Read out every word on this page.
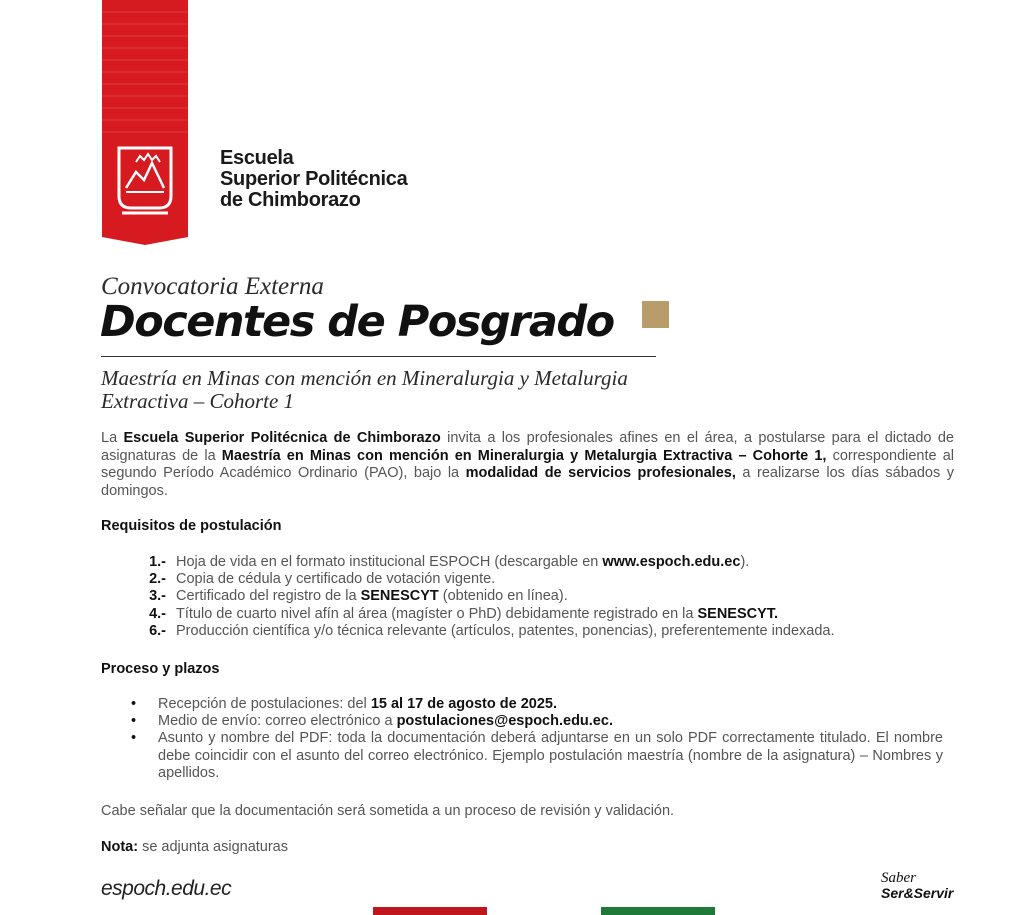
Escuela
Superior Politécnica
de Chimborazo
Convocatoria Externa
Docentes de Posgrado
Maestría en Minas con mención en Mineralurgia y Metalurgia Extractiva – Cohorte 1
La Escuela Superior Politécnica de Chimborazo invita a los profesionales afines en el área, a postularse para el dictado de asignaturas de la Maestría en Minas con mención en Mineralurgia y Metalurgia Extractiva – Cohorte 1, correspondiente al segundo Período Académico Ordinario (PAO), bajo la modalidad de servicios profesionales, a realizarse los días sábados y domingos.
Requisitos de postulación
1.- Hoja de vida en el formato institucional ESPOCH (descargable en www.espoch.edu.ec).
2.- Copia de cédula y certificado de votación vigente.
3.- Certificado del registro de la SENESCYT (obtenido en línea).
4.- Título de cuarto nivel afín al área (magíster o PhD) debidamente registrado en la SENESCYT.
6.- Producción científica y/o técnica relevante (artículos, patentes, ponencias), preferentemente indexada.
Proceso y plazos
•	Recepción de postulaciones: del 15 al 17 de agosto de 2025.
•	Medio de envío: correo electrónico a postulaciones@espoch.edu.ec.
•	Asunto y nombre del PDF: toda la documentación deberá adjuntarse en un solo PDF correctamente titulado. El nombre debe coincidir con el asunto del correo electrónico. Ejemplo postulación maestría (nombre de la asignatura) – Nombres y apellidos.
Cabe señalar que la documentación será sometida a un proceso de revisión y validación.
Nota: se adjunta asignaturas
espoch.edu.ec	Saber
Ser&Servir
